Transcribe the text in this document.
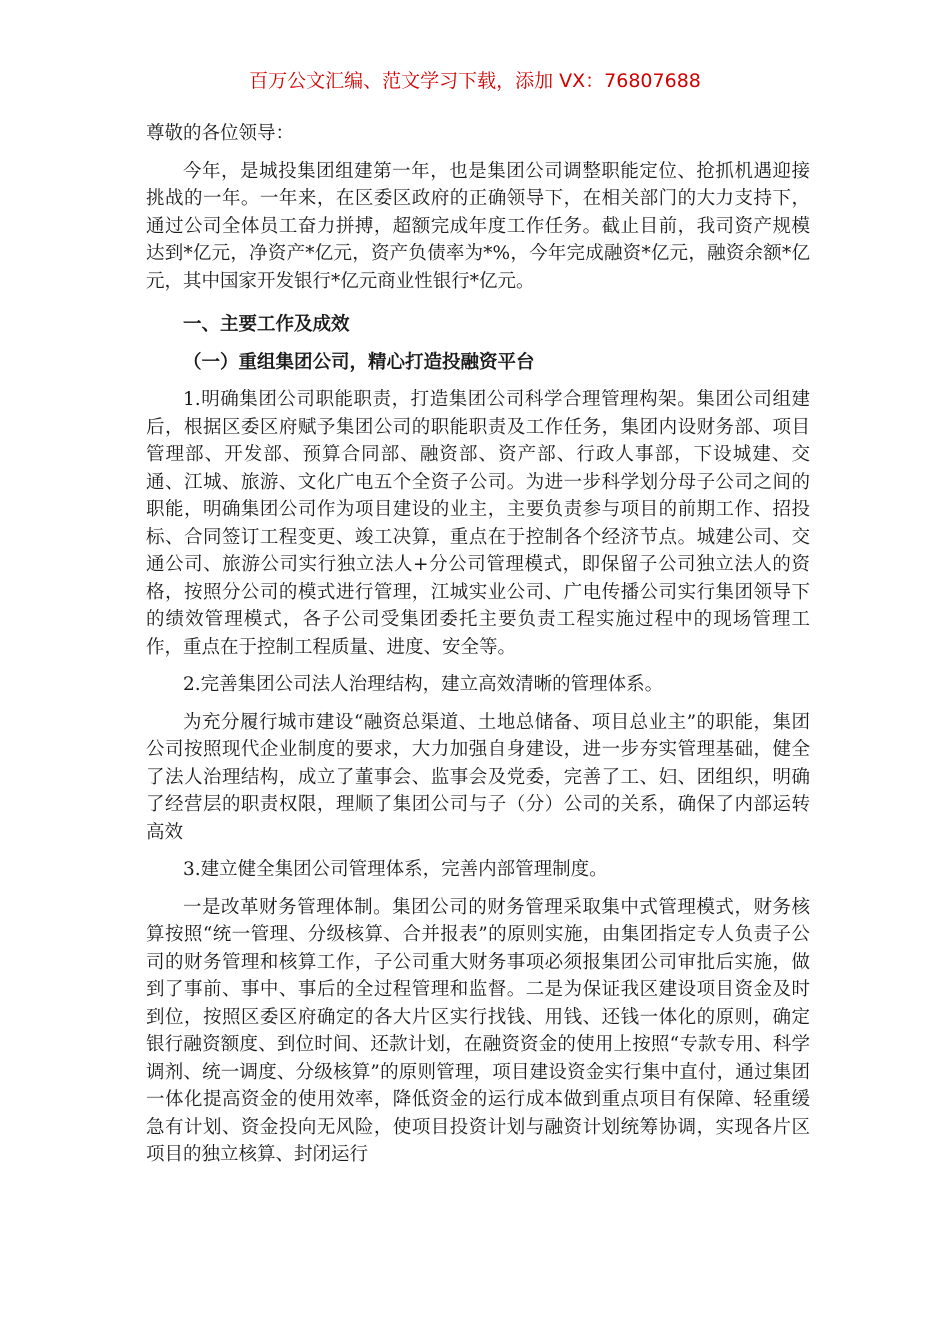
百万公文汇编、范文学习下载，添加 VX：76807688

尊敬的各位领导：

今年，是城投集团组建第一年，也是集团公司调整职能定位、抢抓机遇迎接挑战的一年。一年来，在区委区政府的正确领导下，在相关部门的大力支持下，通过公司全体员工奋力拼搏，超额完成年度工作任务。截止目前，我司资产规模达到*亿元，净资产*亿元，资产负债率为*%，今年完成融资*亿元，融资余额*亿元，其中国家开发银行*亿元商业性银行*亿元。

一、主要工作及成效

（一）重组集团公司，精心打造投融资平台

1.明确集团公司职能职责，打造集团公司科学合理管理构架。集团公司组建后，根据区委区府赋予集团公司的职能职责及工作任务，集团内设财务部、项目管理部、开发部、预算合同部、融资部、资产部、行政人事部，下设城建、交通、江城、旅游、文化广电五个全资子公司。为进一步科学划分母子公司之间的职能，明确集团公司作为项目建设的业主，主要负责参与项目的前期工作、招投标、合同签订工程变更、竣工决算，重点在于控制各个经济节点。城建公司、交通公司、旅游公司实行独立法人+分公司管理模式，即保留子公司独立法人的资格，按照分公司的模式进行管理，江城实业公司、广电传播公司实行集团领导下的绩效管理模式，各子公司受集团委托主要负责工程实施过程中的现场管理工作，重点在于控制工程质量、进度、安全等。

2.完善集团公司法人治理结构，建立高效清晰的管理体系。

为充分履行城市建设“融资总渠道、土地总储备、项目总业主”的职能，集团公司按照现代企业制度的要求，大力加强自身建设，进一步夯实管理基础，健全了法人治理结构，成立了董事会、监事会及党委，完善了工、妇、团组织，明确了经营层的职责权限，理顺了集团公司与子（分）公司的关系，确保了内部运转高效

3.建立健全集团公司管理体系，完善内部管理制度。

一是改革财务管理体制。集团公司的财务管理采取集中式管理模式，财务核算按照“统一管理、分级核算、合并报表”的原则实施，由集团指定专人负责子公司的财务管理和核算工作，子公司重大财务事项必须报集团公司审批后实施，做到了事前、事中、事后的全过程管理和监督。二是为保证我区建设项目资金及时到位，按照区委区府确定的各大片区实行找钱、用钱、还钱一体化的原则，确定银行融资额度、到位时间、还款计划，在融资资金的使用上按照“专款专用、科学调剂、统一调度、分级核算”的原则管理，项目建设资金实行集中直付，通过集团一体化提高资金的使用效率，降低资金的运行成本做到重点项目有保障、轻重缓急有计划、资金投向无风险，使项目投资计划与融资计划统筹协调，实现各片区项目的独立核算、封闭运行
